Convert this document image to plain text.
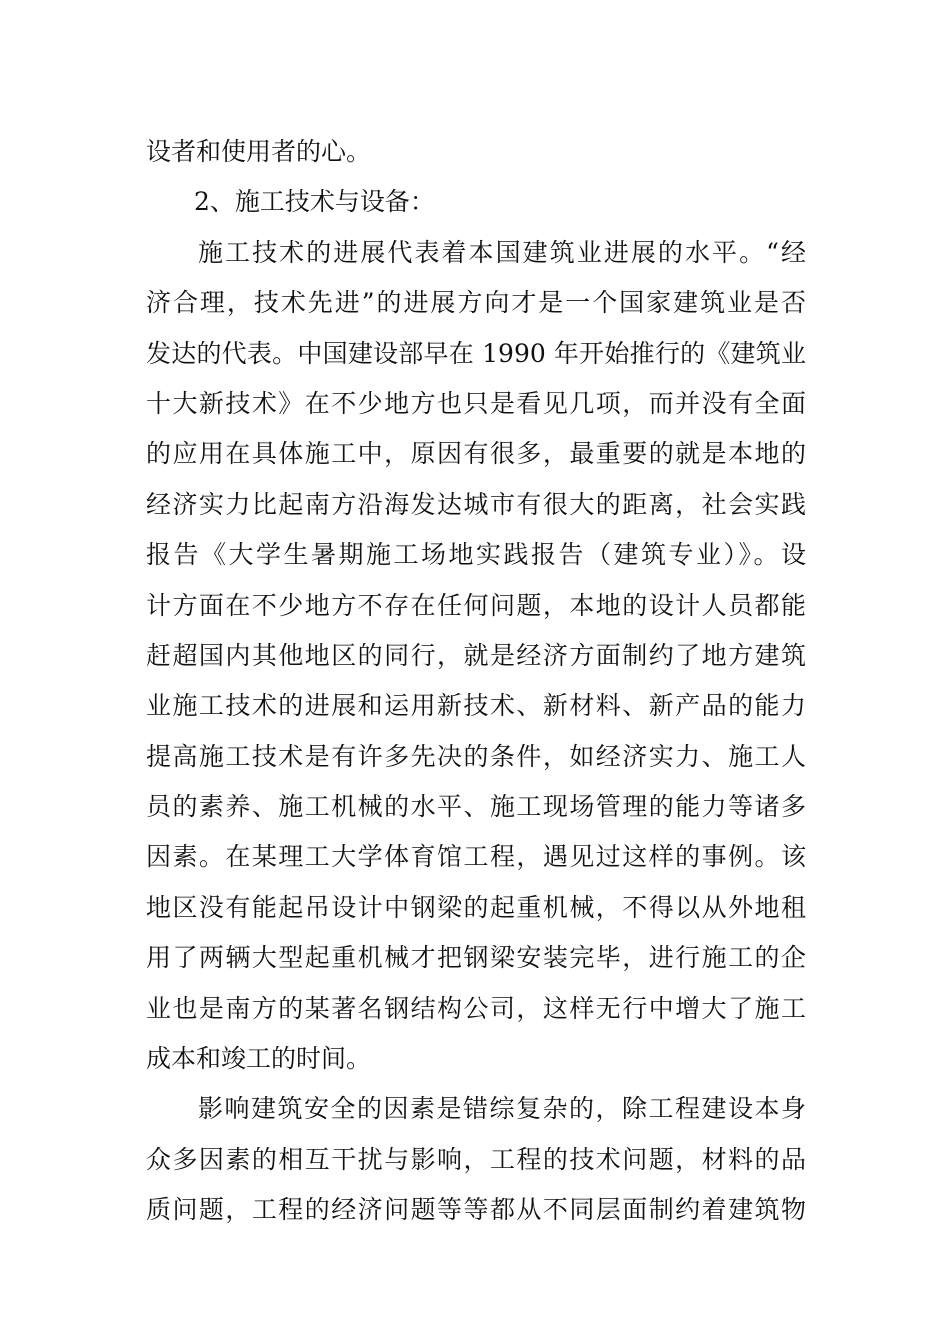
设者和使用者的心。
2、施工技术与设备：
施工技术的进展代表着本国建筑业进展的水平。“经
济合理，技术先进”的进展方向才是一个国家建筑业是否
发达的代表。中国建设部早在 1990 年开始推行的《建筑业
十大新技术》在不少地方也只是看见几项，而并没有全面
的应用在具体施工中，原因有很多，最重要的就是本地的
经济实力比起南方沿海发达城市有很大的距离，社会实践
报告《大学生暑期施工场地实践报告（建筑专业）》。设
计方面在不少地方不存在任何问题，本地的设计人员都能
赶超国内其他地区的同行，就是经济方面制约了地方建筑
业施工技术的进展和运用新技术、新材料、新产品的能力
提高施工技术是有许多先决的条件，如经济实力、施工人
员的素养、施工机械的水平、施工现场管理的能力等诸多
因素。在某理工大学体育馆工程，遇见过这样的事例。该
地区没有能起吊设计中钢梁的起重机械，不得以从外地租
用了两辆大型起重机械才把钢梁安装完毕，进行施工的企
业也是南方的某著名钢结构公司，这样无行中增大了施工
成本和竣工的时间。
影响建筑安全的因素是错综复杂的，除工程建设本身
众多因素的相互干扰与影响，工程的技术问题，材料的品
质问题，工程的经济问题等等都从不同层面制约着建筑物
